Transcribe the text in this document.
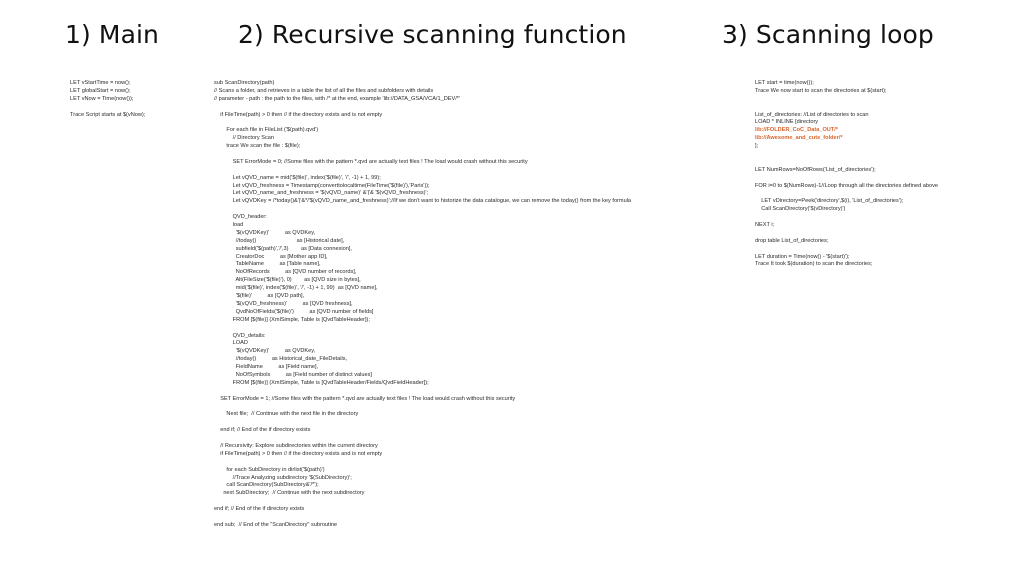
1) Main	2) Recursive scanning function	3) Scanning loop
LET vStartTime = now();
LET globalStart = now();
LET vNow = Time(now());

Trace Script starts at $(vNow);
sub ScanDirectory(path)
// Scans a folder, and retrieves in a table the list of all the files and subfolders with details
// parameter - path : the path to the files, with /* at the end, example 'lib://DATA_GSA/VCA/1_DEV/*'

if FileTime(path) > 0 then // if the directory exists and is not empty

For each file in FileList ('$(path).qvd')
// Directory Scan
trace We scan the file : $(file);

SET ErrorMode = 0; //Some files with the pattern *.qvd are actually text files ! The load would crash without this security

Let vQVD_name = mid('$(file)', index('$(file)', '/', -1) + 1, 99);
Let vQVD_freshness = Timestamp(converttolocaltime(FileTime('$(file)'),'Paris'));
Let vQVD_name_and_freshness = '$(vQVD_name)' &'|'& '$(vQVD_freshness)';
Let vQVDKey = /*today()&'|'&*/'$(vQVD_name_and_freshness)';//If we don't want to historize the data catalogue, we can remove the today() from the key formula

QVD_header:
load
'$(vQVDKey)'          as QVDKey,
//today()                          as [Historical date],
subfield('$(path)','/',3)        as [Data connexion],
CreatorDoc          as [Mother app ID],
TableName          as [Table name],
NoOfRecords          as [QVD number of records],
Alt(FileSize('$(file)'), 0)        as [QVD size in bytes],
mid('$(file)', index('$(file)', '/', -1) + 1, 99)  as [QVD name],
'$(file)'          as [QVD path],
'$(vQVD_freshness)'          as [QVD freshness],
QvdNoOfFields('$(file)')          as [QVD number of fields]
FROM [$(file)] (XmlSimple, Table is [QvdTableHeader]);

QVD_details:
LOAD
'$(vQVDKey)'          as QVDKey,
//today()          as Historical_date_FileDetails,
FieldName          as [Field name],
NoOfSymbols          as [Field number of distinct values]
FROM [$(file)] (XmlSimple, Table is [QvdTableHeader/Fields/QvdFieldHeader]);

SET ErrorMode = 1; //Some files with the pattern *.qvd are actually text files ! The load would crash without this security

Next file;  // Continue with the next file in the directory

end if; // End of the if directory exists

// Recursivity: Explore subdirectories within the current directory
if FileTime(path) > 0 then // if the directory exists and is not empty

for each SubDirectory in dirlist('$(path)')
//Trace Analyzing subdirectory '$(SubDirectory)';
call ScanDirectory(SubDirectory&'/*');
next SubDirectory;  // Continue with the next subdirectory

end if; // End of the if directory exists

end sub;  // End of the "ScanDirectory" subroutine
LET start = time(now());
Trace We now start to scan the directories at $(start);

List_of_directories: //List of directories to scan
LOAD * INLINE [directory
lib://FOLDER_CoC_Data_OUT/*
lib://Awesome_and_cute_folder/*
];

LET NumRows=NoOfRows('List_of_directories');

FOR i=0 to $(NumRows)-1//Loop through all the directories defined above

LET vDirectory=Peek('directory',$(i), 'List_of_directories');
Call ScanDirectory('$(vDirectory)')

NEXT i;

drop table List_of_directories;

LET duration = Time(now() - '$(start)');
Trace It took $(duration) to scan the directories;
